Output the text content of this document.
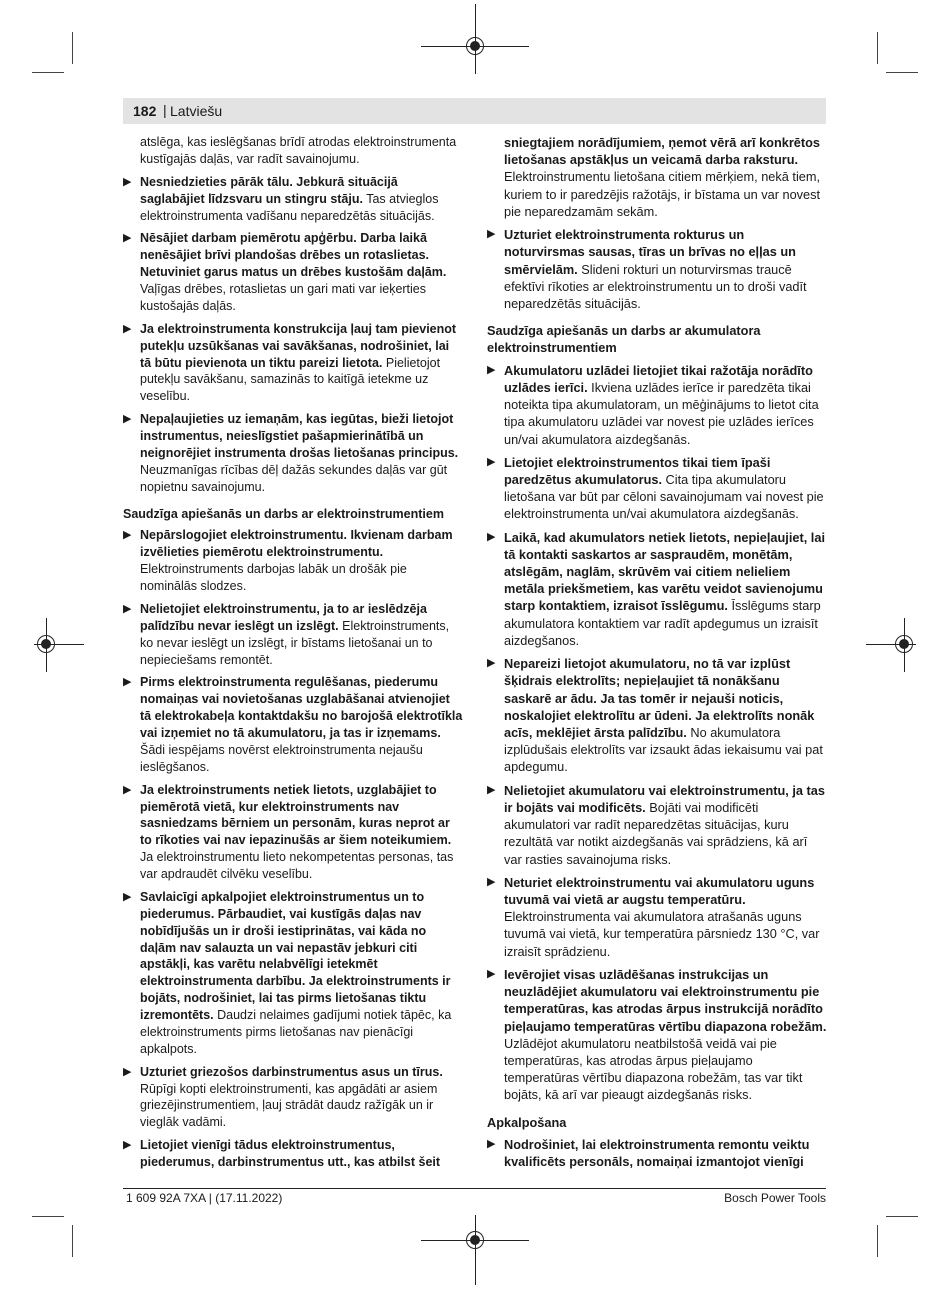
182 | Latviešu

atslēga, kas ieslēgšanas brīdī atrodas elektroinstrumenta kustīgajās daļās, var radīt savainojumu.

▶ Nesniedzieties pārāk tālu. Jebkurā situācijā saglabājiet līdzsvaru un stingru stāju. Tas atvieglos elektroinstrumenta vadīšanu neparedzētās situācijās.
▶ Nēsājiet darbam piemērotu apģērbu. Darba laikā nenēsājiet brīvi plandošas drēbes un rotaslietas. Netuviniet garus matus un drēbes kustošām daļām. Vaļīgas drēbes, rotaslietas un gari mati var ieķerties kustošajās daļās.
▶ Ja elektroinstrumenta konstrukcija ļauj tam pievienot putekļu uzsūkšanas vai savākšanas, nodrošiniet, lai tā būtu pievienota un tiktu pareizi lietota. Pielietojot putekļu savākšanu, samazinās to kaitīgā ietekme uz veselību.
▶ Nepaļaujieties uz iemaņām, kas iegūtas, bieži lietojot instrumentus, neieslīgstiet pašapmierinātībā un neignorējiet instrumenta drošas lietošanas principus. Neuzmanīgas rīcības dēļ dažās sekundes daļās var gūt nopietnu savainojumu.
Saudzīga apiešanās un darbs ar elektroinstrumentiem
▶ Nepārslogojiet elektroinstrumentu. Ikvienam darbam izvēlieties piemērotu elektroinstrumentu. Elektroinstruments darbojas labāk un drošāk pie nominālās slodzes.
▶ Nelietojiet elektroinstrumentu, ja to ar ieslēdzēja palīdzību nevar ieslēgt un izslēgt. Elektroinstruments, ko nevar ieslēgt un izslēgt, ir bīstams lietošanai un to nepieciešams remontēt.
▶ Pirms elektroinstrumenta regulēšanas, piederumu nomaiņas vai novietošanas uzglabāšanai atvienojiet tā elektrokabeļa kontaktdakšu no barojošā elektrotīkla vai izņemiet no tā akumulatoru, ja tas ir izņemams. Šādi iespējams novērst elektroinstrumenta nejaušu ieslēgšanos.
▶ Ja elektroinstruments netiek lietots, uzglabājiet to piemērotā vietā, kur elektroinstruments nav sasniedzams bērniem un personām, kuras neprot ar to rīkoties vai nav iepazinušās ar šiem noteikumiem. Ja elektroinstrumentu lieto nekompetentas personas, tas var apdraudēt cilvēku veselību.
▶ Savlaicīgi apkalpojiet elektroinstrumentus un to piederumus. Pārbaudiet, vai kustīgās daļas nav nobīdījušās un ir droši iestiprinātas, vai kāda no daļām nav salauzta un vai nepastāv jebkuri citi apstākļi, kas varētu nelabvēlīgi ietekmēt elektroinstrumenta darbību. Ja elektroinstruments ir bojāts, nodrošiniet, lai tas pirms lietošanas tiktu izremontēts. Daudzi nelaimes gadījumi notiek tāpēc, ka elektroinstruments pirms lietošanas nav pienācīgi apkalpots.
▶ Uzturiet griezošos darbinstrumentus asus un tīrus. Rūpīgi kopti elektroinstrumenti, kas apgādāti ar asiem griezējinstrumentiem, ļauj strādāt daudz ražīgāk un ir vieglāk vadāmi.
▶ Lietojiet vienīgi tādus elektroinstrumentus, piederumus, darbinstrumentus utt., kas atbilst šeit

sniegtajiem norādījumiem, ņemot vērā arī konkrētos lietošanas apstākļus un veicamā darba raksturu. Elektroinstrumentu lietošana citiem mērķiem, nekā tiem, kuriem to ir paredzējis ražotājs, ir bīstama un var novest pie neparedzamām sekām.

▶ Uzturiet elektroinstrumenta rokturus un noturvirsmas sausas, tīras un brīvas no eļļas un smērvielām. Slideni rokturi un noturvirsmas traucē efektīvi rīkoties ar elektroinstrumentu un to droši vadīt neparedzētās situācijās.
Saudzīga apiešanās un darbs ar akumulatora elektroinstrumentiem
▶ Akumulatoru uzlādei lietojiet tikai ražotāja norādīto uzlādes ierīci. Ikviena uzlādes ierīce ir paredzēta tikai noteikta tipa akumulatoram, un mēģinājums to lietot cita tipa akumulatoru uzlādei var novest pie uzlādes ierīces un/vai akumulatora aizdegšanās.
▶ Lietojiet elektroinstrumentos tikai tiem īpaši paredzētus akumulatorus. Cita tipa akumulatoru lietošana var būt par cēloni savainojumam vai novest pie elektroinstrumenta un/vai akumulatora aizdegšanās.
▶ Laikā, kad akumulators netiek lietots, nepieļaujiet, lai tā kontakti saskartos ar saspraudēm, monētām, atslēgām, naglām, skrūvēm vai citiem nelieliem metāla priekšmetiem, kas varētu veidot savienojumu starp kontaktiem, izraisot īsslēgumu. Īsslēgums starp akumulatora kontaktiem var radīt apdegumus un izraisīt aizdegšanos.
▶ Nepareizi lietojot akumulatoru, no tā var izplūst šķidrais elektrolīts; nepieļaujiet tā nonākšanu saskarē ar ādu. Ja tas tomēr ir nejauši noticis, noskalojiet elektrolītu ar ūdeni. Ja elektrolīts nonāk acīs, meklējiet ārsta palīdzību. No akumulatora izplūdušais elektrolīts var izsaukt ādas iekaisumu vai pat apdegumu.
▶ Nelietojiet akumulatoru vai elektroinstrumentu, ja tas ir bojāts vai modificēts. Bojāti vai modificēti akumulatori var radīt neparedzētas situācijas, kuru rezultātā var notikt aizdegšanās vai sprādziens, kā arī var rasties savainojuma risks.
▶ Neturiet elektroinstrumentu vai akumulatoru uguns tuvumā vai vietā ar augstu temperatūru. Elektroinstrumenta vai akumulatora atrašanās uguns tuvumā vai vietā, kur temperatūra pārsniedz 130 °C, var izraisīt sprādzienu.
▶ Ievērojiet visas uzlādēšanas instrukcijas un neuzlādējiet akumulatoru vai elektroinstrumentu pie temperatūras, kas atrodas ārpus instrukcijā norādīto pieļaujamo temperatūras vērtību diapazona robežām. Uzlādējot akumulatoru neatbilstošā veidā vai pie temperatūras, kas atrodas ārpus pieļaujamo temperatūras vērtību diapazona robežām, tas var tikt bojāts, kā arī var pieaugt aizdegšanās risks.
Apkalpošana
▶ Nodrošiniet, lai elektroinstrumenta remontu veiktu kvalificēts personāls, nomaiņai izmantojot vienīgi
1 609 92A 7XA | (17.11.2022)	Bosch Power Tools
